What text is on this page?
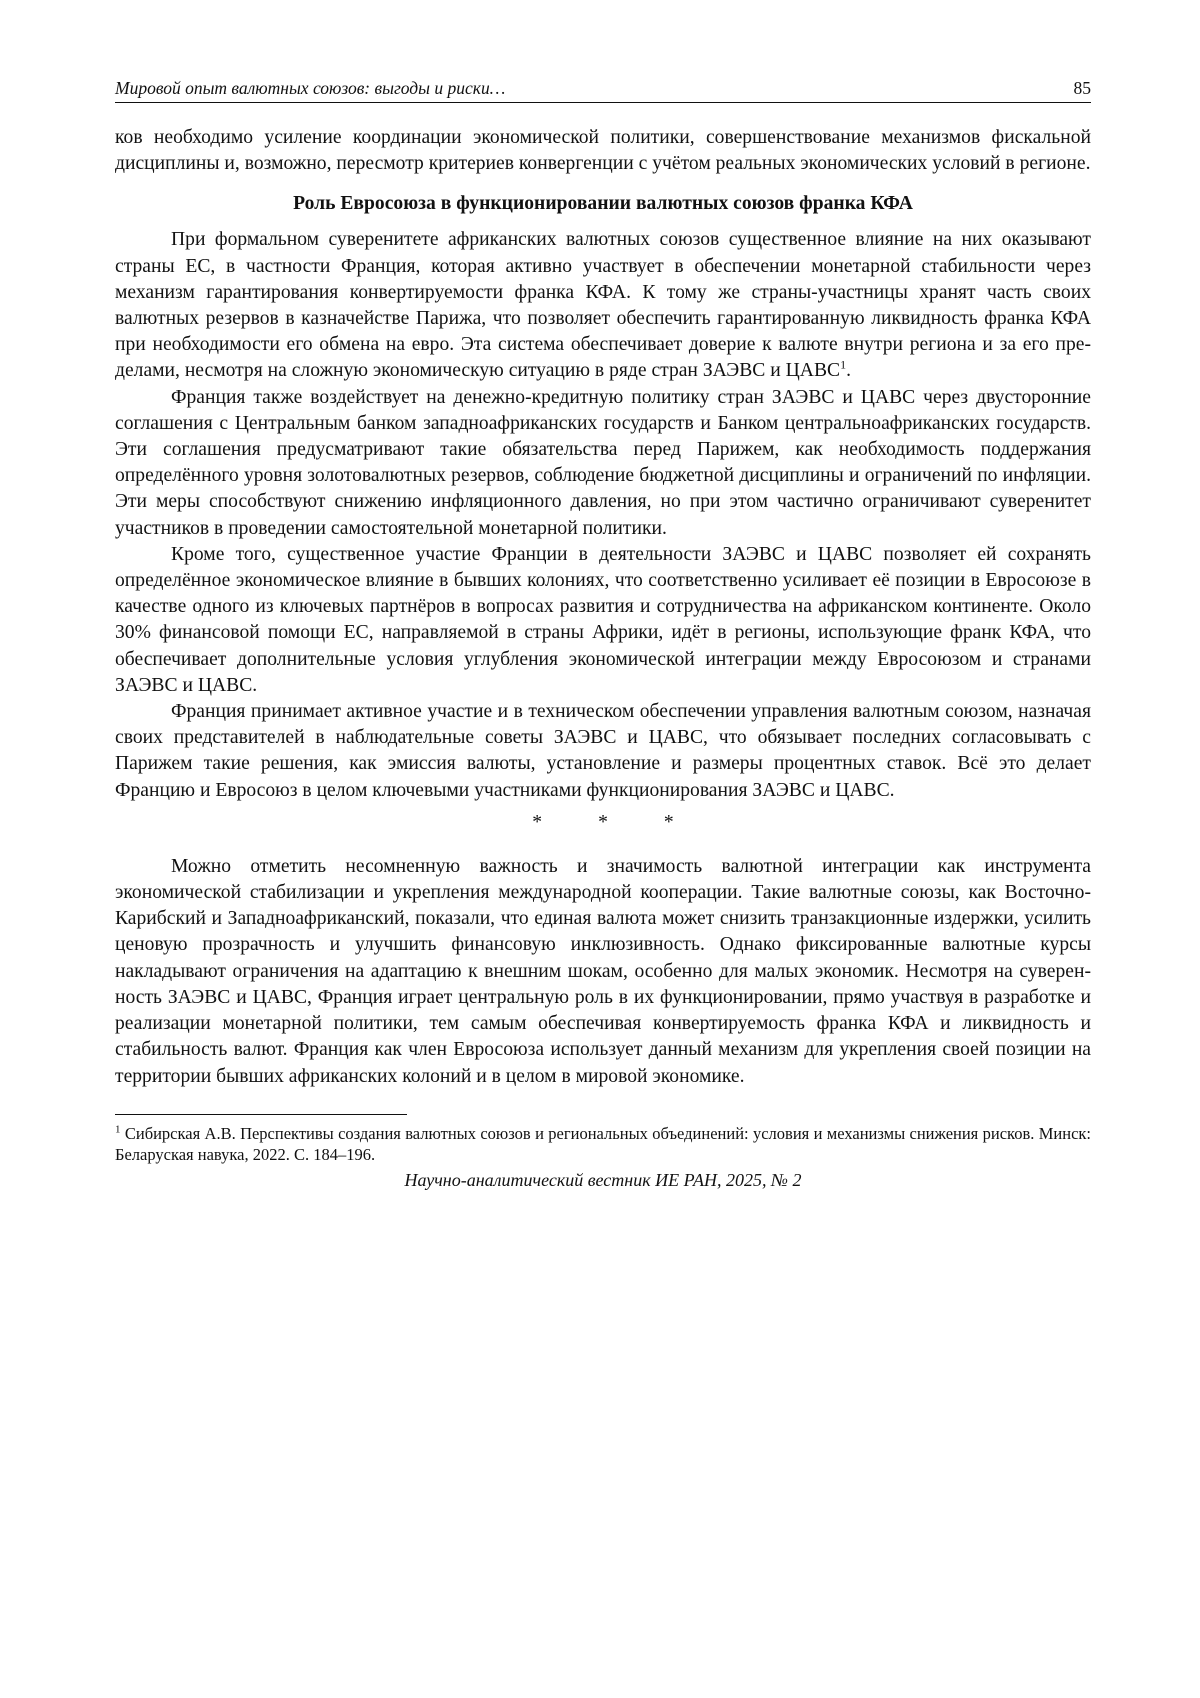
Мировой опыт валютных союзов: выгоды и риски…	85

ков необходимо усиление координации экономической политики, совершенствование механизмов фискальной дисциплины и, возможно, пересмотр критериев конвергенции с учётом реальных экономических условий в регионе.

Роль Евросоюза в функционировании валютных союзов франка КФА

При формальном суверенитете африканских валютных союзов существенное влияние на них оказывают страны ЕС, в частности Франция, которая активно участвует в обеспечении монетарной стабильности через механизм гарантирования конвертируемости франка КФА. К тому же страны-участницы хранят часть своих валютных резервов в казначействе Парижа, что позволяет обеспечить гарантированную ликвидность франка КФА при необходимости его обмена на евро. Эта система обеспечивает доверие к валюте внутри региона и за его пределами, несмотря на сложную экономическую ситуацию в ряде стран ЗАЭВС и ЦАВС$^1$.

Франция также воздействует на денежно-кредитную политику стран ЗАЭВС и ЦАВС через двусторонние соглашения с Центральным банком западноафриканских государств и Банком центральноафриканских государств. Эти соглашения предусматривают такие обязательства перед Парижем, как необходимость поддержания определённого уровня золотовалютных резервов, соблюдение бюджетной дисциплины и ограничений по инфляции. Эти меры способствуют снижению инфляционного давления, но при этом частично ограничивают суверенитет участников в проведении самостоятельной монетарной политики.

Кроме того, существенное участие Франции в деятельности ЗАЭВС и ЦАВС позволяет ей сохранять определённое экономическое влияние в бывших колониях, что соответственно усиливает её позиции в Евросоюзе в качестве одного из ключевых партнёров в вопросах развития и сотрудничества на африканском континенте. Около 30% финансовой помощи ЕС, направляемой в страны Африки, идёт в регионы, использующие франк КФА, что обеспечивает дополнительные условия углубления экономической интеграции между Евросоюзом и странами ЗАЭВС и ЦАВС.

Франция принимает активное участие и в техническом обеспечении управления валютным союзом, назначая своих представителей в наблюдательные советы ЗАЭВС и ЦАВС, что обязывает последних согласовывать с Парижем такие решения, как эмиссия валюты, установление и размеры процентных ставок. Всё это делает Францию и Евросоюз в целом ключевыми участниками функционирования ЗАЭВС и ЦАВС.

*	*	*

Можно отметить несомненную важность и значимость валютной интеграции как инструмента экономической стабилизации и укрепления международной кооперации. Такие валютные союзы, как Восточно-Карибский и Западноафриканский, показали, что единая валюта может снизить транзакционные издержки, усилить ценовую прозрачность и улучшить финансовую инклюзивность. Однако фиксированные валютные курсы накладывают ограничения на адаптацию к внешним шокам, особенно для малых экономик. Несмотря на суверенность ЗАЭВС и ЦАВС, Франция играет центральную роль в их функционировании, прямо участвуя в разработке и реализации монетарной политики, тем самым обеспечивая конвертируемость франка КФА и ликвидность и стабильность валют. Франция как член Евросоюза использует данный механизм для укрепления своей позиции на территории бывших африканских колоний и в целом в мировой экономике.

$^1$ Сибирская А.В. Перспективы создания валютных союзов и региональных объединений: условия и механизмы снижения рисков. Минск: Беларуская навука, 2022. С. 184–196.
Научно-аналитический вестник ИЕ РАН, 2025, № 2
